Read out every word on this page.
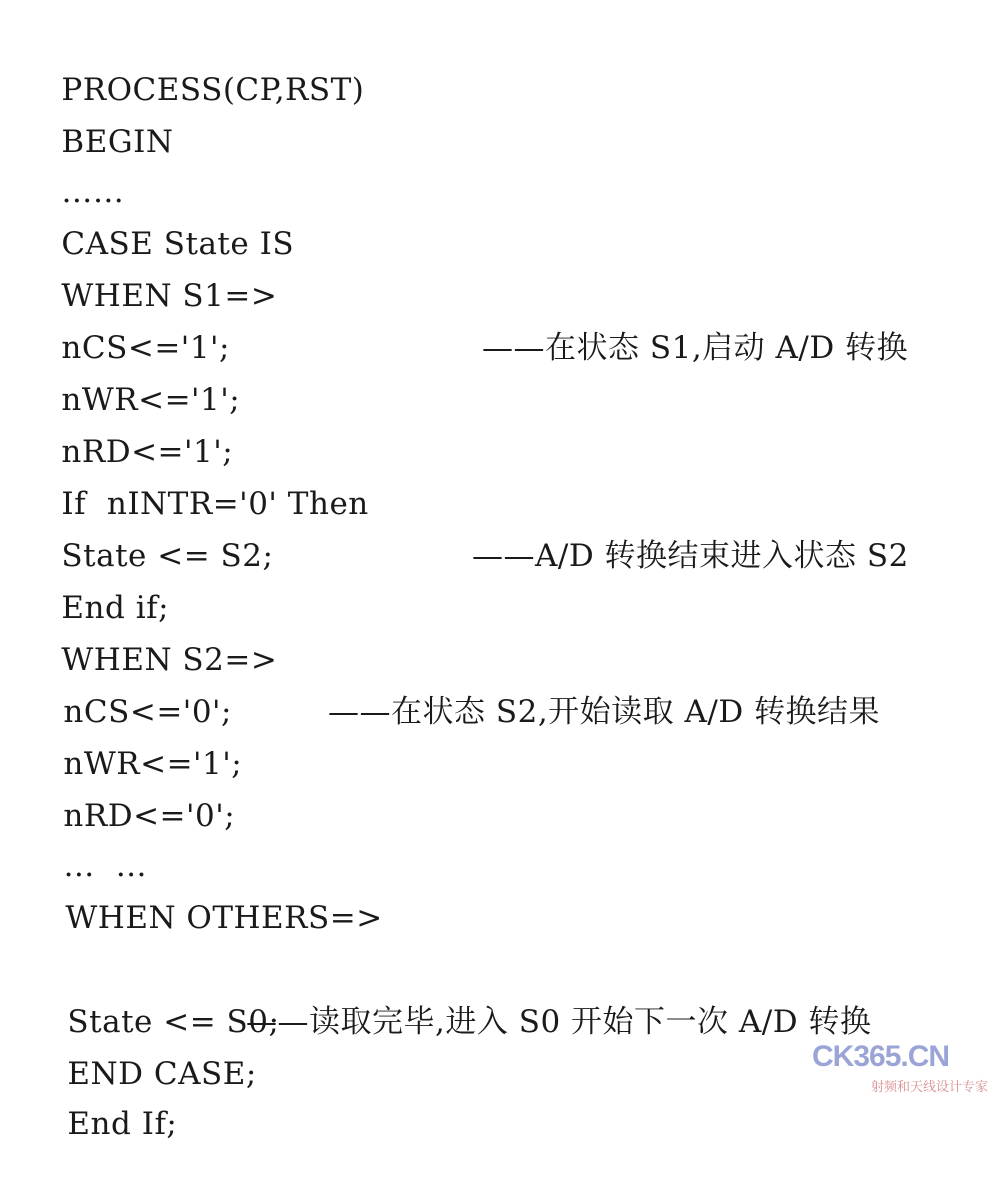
PROCESS(CP,RST)

BEGIN

……

CASE State IS

WHEN S1=>

——在状态 S1,启动 A/D 转换

nCS<='1';

nWR<='1';

nRD<='1';

If  nINTR='0' Then

——A/D 转换结束进入状态 S2

State <= S2;

End if;

WHEN S2=>

——在状态 S2,开始读取 A/D 转换结果

nCS<='0';

nWR<='1';

nRD<='0';

…  …

WHEN OTHERS=>

——读取完毕,进入 S0 开始下一次 A/D 转换

State <= S0;

END CASE;

End If;

CK365.CN
射频和天线设计专家
